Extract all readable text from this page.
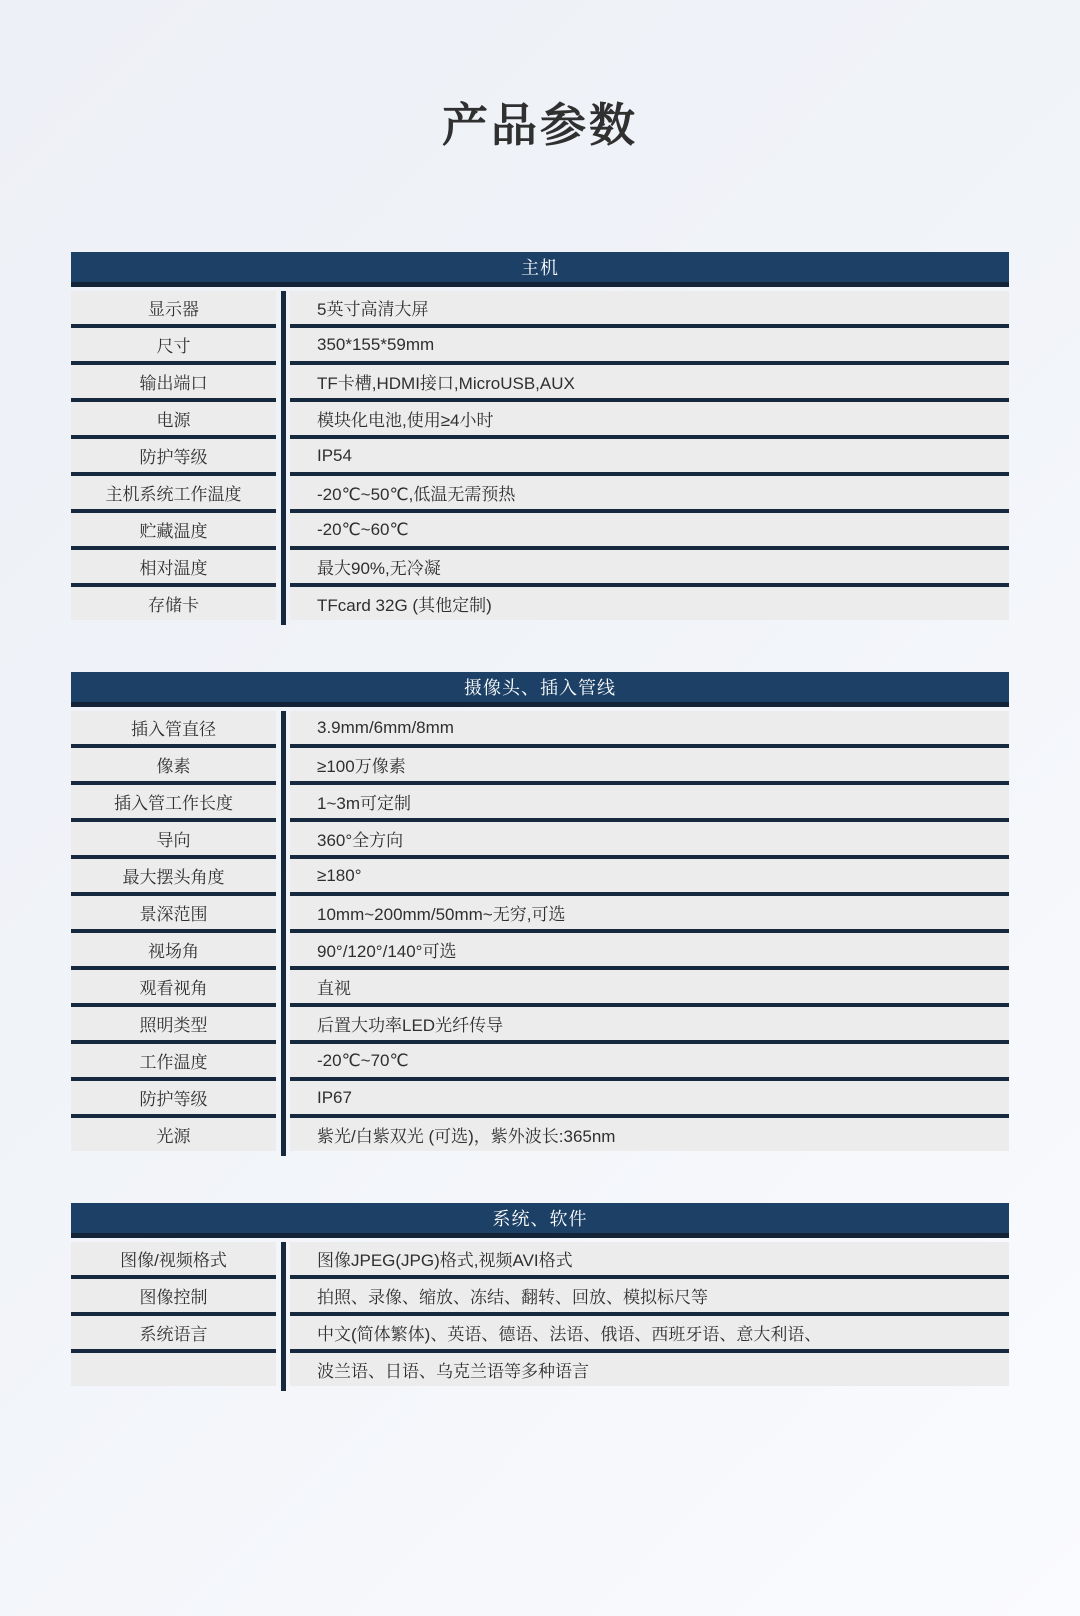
产品参数
主机
显示器	5英寸高清大屏
尺寸	350*155*59mm
输出端口	TF卡槽,HDMI接口,MicroUSB,AUX
电源	模块化电池,使用≥4小时
防护等级	IP54
主机系统工作温度	-20℃~50℃,低温无需预热
贮藏温度	-20℃~60℃
相对温度	最大90%,无冷凝
存储卡	TFcard 32G (其他定制)
摄像头、插入管线
插入管直径	3.9mm/6mm/8mm
像素	≥100万像素
插入管工作长度	1~3m可定制
导向	360°全方向
最大摆头角度	≥180°
景深范围	10mm~200mm/50mm~无穷,可选
视场角	90°/120°/140°可选
观看视角	直视
照明类型	后置大功率LED光纤传导
工作温度	-20℃~70℃
防护等级	IP67
光源	紫光/白紫双光 (可选)，紫外波长:365nm
系统、软件
图像/视频格式	图像JPEG(JPG)格式,视频AVI格式
图像控制	拍照、录像、缩放、冻结、翻转、回放、模拟标尺等
系统语言	中文(简体繁体)、英语、德语、法语、俄语、西班牙语、意大利语、
波兰语、日语、乌克兰语等多种语言
